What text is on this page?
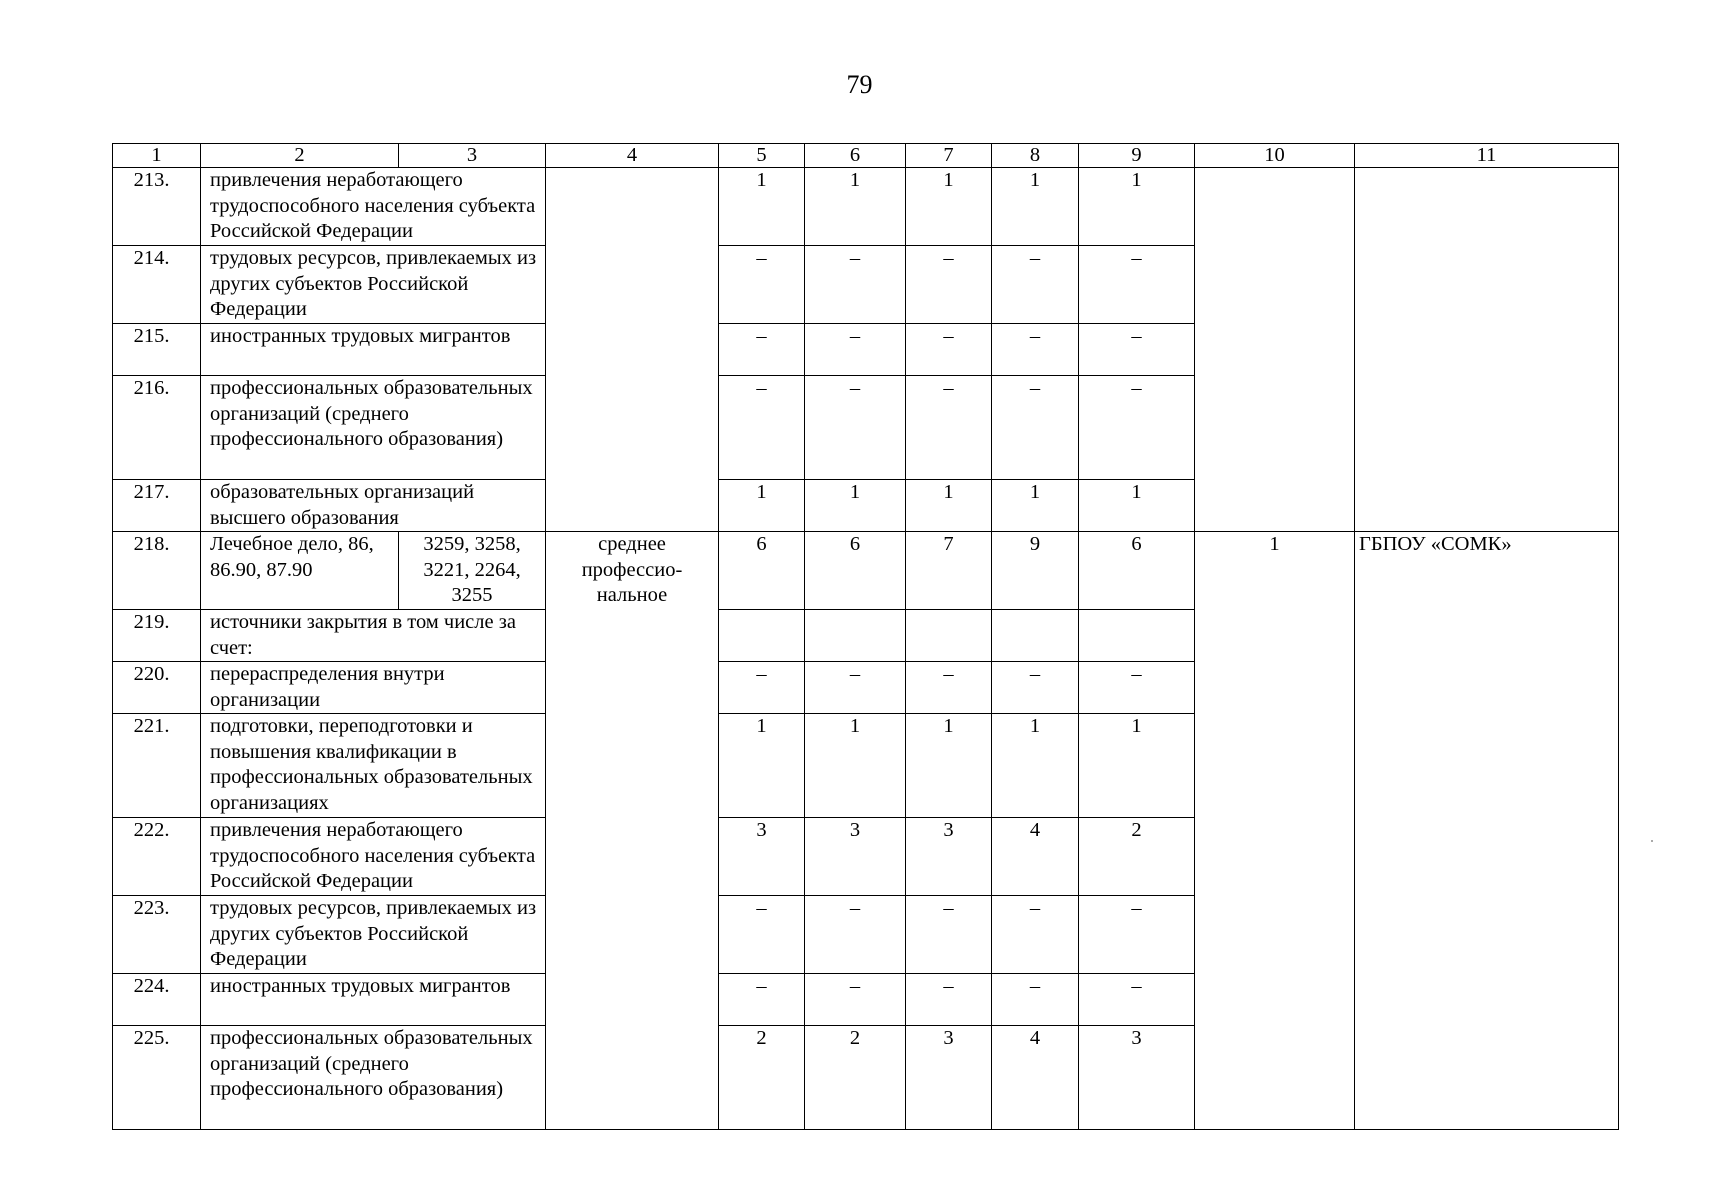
79
1	2	3	4	5	6	7	8	9	10	11
213.	привлечения неработающего трудоспособного населения субъекта Российской Федерации			1	1	1	1	1		
214.	трудовых ресурсов, привлекаемых из других субъектов Российской Федерации			–	–	–	–	–		
215.	иностранных трудовых мигрантов			–	–	–	–	–		
216.	профессиональных образовательных организаций (среднего профессионального образования)			–	–	–	–	–		
217.	образовательных организаций высшего образования			1	1	1	1	1		
218.	Лечебное дело, 86, 86.90, 87.90	3259, 3258, 3221, 2264, 3255	среднее профессио-нальное	6	6	7	9	6	1	ГБПОУ «СОМК»
219.	источники закрытия в том числе за счет:									
220.	перераспределения внутри организации			–	–	–	–	–		
221.	подготовки, переподготовки и повышения квалификации в профессиональных образовательных организациях			1	1	1	1	1		
222.	привлечения неработающего трудоспособного населения субъекта Российской Федерации			3	3	3	4	2		
223.	трудовых ресурсов, привлекаемых из других субъектов Российской Федерации			–	–	–	–	–		
224.	иностранных трудовых мигрантов			–	–	–	–	–		
225.	профессиональных образовательных организаций (среднего профессионального образования)			2	2	3	4	3		
